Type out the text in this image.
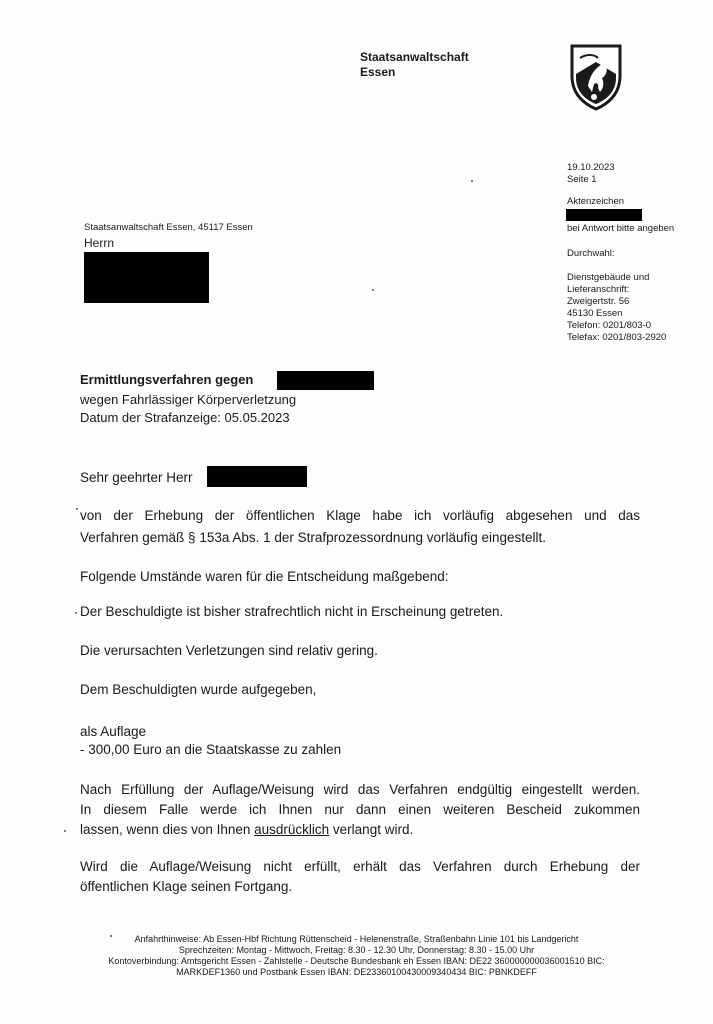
Staatsanwaltschaft
Essen
19.10.2023
Seite 1
Aktenzeichen
bei Antwort bitte angeben
Durchwahl:
Dienstgebäude und
Lieferanschrift:
Zweigertstr. 56
45130 Essen
Telefon: 0201/803-0
Telefax: 0201/803-2920
Staatsanwaltschaft Essen, 45117 Essen
Herrn
Ermittlungsverfahren gegen
wegen Fahrlässiger Körperverletzung
Datum der Strafanzeige: 05.05.2023
Sehr geehrter Herr
von der Erhebung der öffentlichen Klage habe ich vorläufig abgesehen und das
Verfahren gemäß § 153a Abs. 1 der Strafprozessordnung vorläufig eingestellt.
Folgende Umstände waren für die Entscheidung maßgebend:
Der Beschuldigte ist bisher strafrechtlich nicht in Erscheinung getreten.
Die verursachten Verletzungen sind relativ gering.
Dem Beschuldigten wurde aufgegeben,
als Auflage
- 300,00 Euro an die Staatskasse zu zahlen
Nach Erfüllung der Auflage/Weisung wird das Verfahren endgültig eingestellt werden.
In diesem Falle werde ich Ihnen nur dann einen weiteren Bescheid zukommen
lassen, wenn dies von Ihnen ausdrücklich verlangt wird.
Wird die Auflage/Weisung nicht erfüllt, erhält das Verfahren durch Erhebung der
öffentlichen Klage seinen Fortgang.
Anfahrthinweise: Ab Essen-Hbf Richtung Rüttenscheid - Helenenstraße, Straßenbahn Linie 101 bis Landgericht
Sprechzeiten: Montag - Mittwoch, Freitag: 8.30 - 12.30 Uhr, Donnerstag: 8.30 - 15.00 Uhr
Kontoverbindung: Amtsgericht Essen - Zahlstelle - Deutsche Bundesbank eh Essen IBAN: DE22 360000000036001510 BIC:
MARKDEF1360 und Postbank Essen IBAN: DE23360100430009340434 BIC: PBNKDEFF
